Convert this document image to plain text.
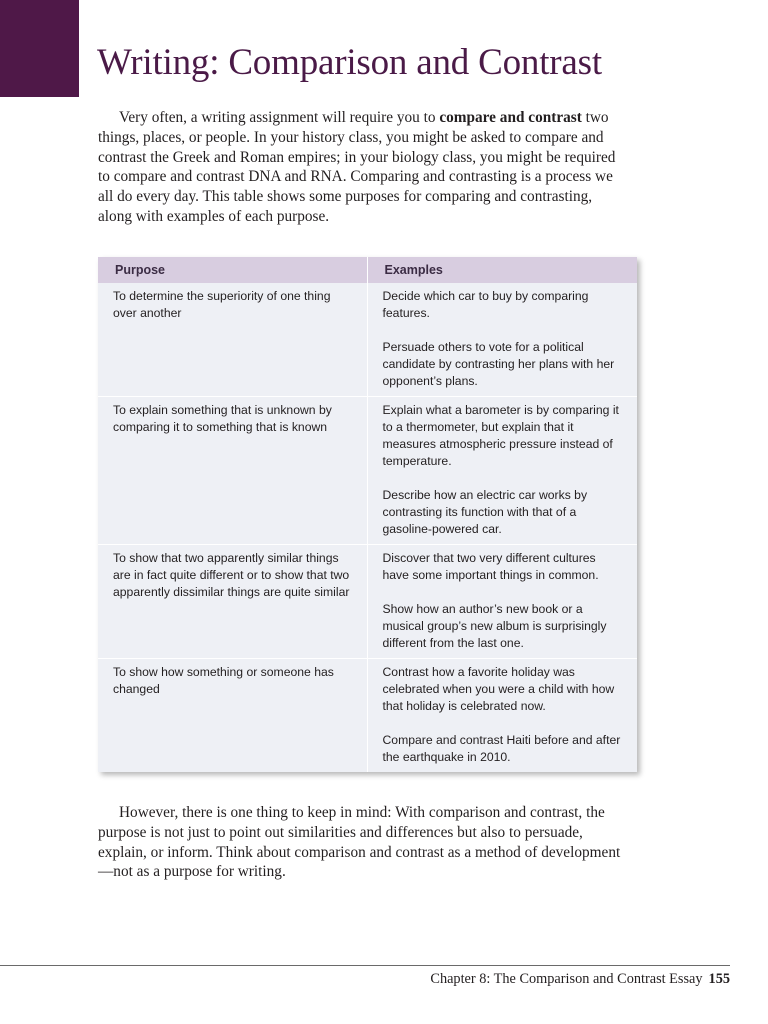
Writing: Comparison and Contrast

Very often, a writing assignment will require you to compare and contrast two things, places, or people. In your history class, you might be asked to compare and contrast the Greek and Roman empires; in your biology class, you might be required to compare and contrast DNA and RNA. Comparing and contrasting is a process we all do every day. This table shows some purposes for comparing and contrasting, along with examples of each purpose.

Purpose	Examples
To determine the superiority of one thing over another	Decide which car to buy by comparing features.
Persuade others to vote for a political candidate by contrasting her plans with her opponent’s plans.

To explain something that is unknown by comparing it to something that is known	Explain what a barometer is by comparing it to a thermometer, but explain that it measures atmospheric pressure instead of temperature.
Describe how an electric car works by contrasting its function with that of a gasoline-powered car.

To show that two apparently similar things are in fact quite different or to show that two apparently dissimilar things are quite similar	Discover that two very different cultures have some important things in common.
Show how an author’s new book or a musical group’s new album is surprisingly different from the last one.

To show how something or someone has changed	Contrast how a favorite holiday was celebrated when you were a child with how that holiday is celebrated now.
Compare and contrast Haiti before and after the earthquake in 2010.

However, there is one thing to keep in mind: With comparison and contrast, the purpose is not just to point out similarities and differences but also to persuade, explain, or inform. Think about comparison and contrast as a method of development—not as a purpose for writing.

Chapter 8: The Comparison and Contrast Essay 155
